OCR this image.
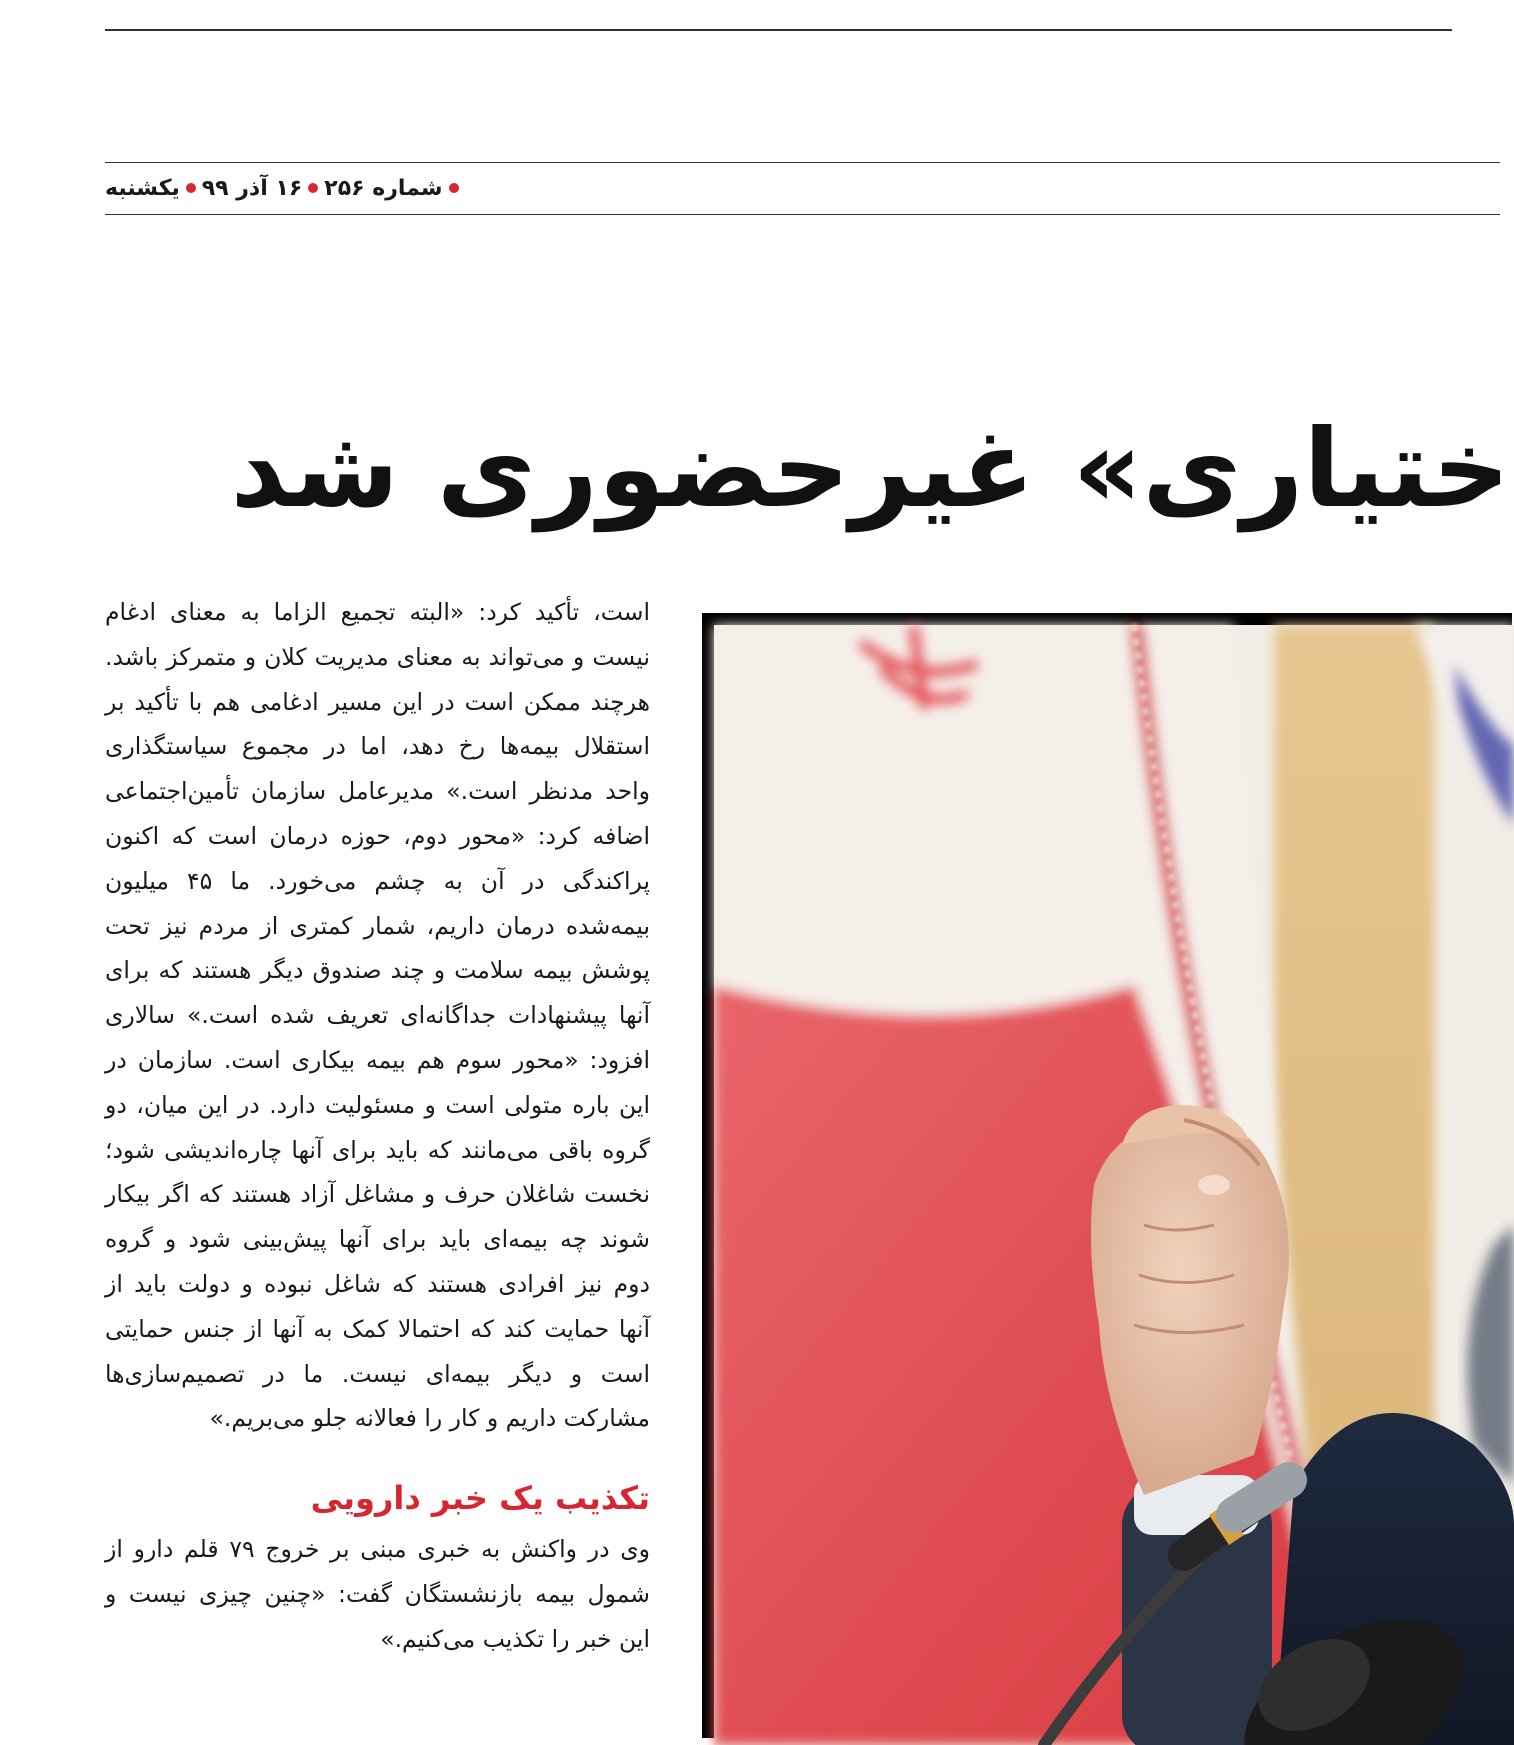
یکشنبه ۱۶ آذر ۹۹ شماره ۲۵۶
ختیاری» غیرحضوری شد

است، تأکید کرد: «البته تجمیع الزاما به معنای ادغام نیست و می‌تواند به معنای مدیریت کلان و متمرکز باشد. هرچند ممکن است در این مسیر ادغامی هم با تأکید بر استقلال بیمه‌ها رخ دهد، اما در مجموع سیاستگذاری واحد مدنظر است.» مدیرعامل سازمان تأمین‌اجتماعی اضافه کرد: «محور دوم، حوزه درمان است که اکنون پراکندگی در آن به چشم می‌خورد. ما ۴۵ میلیون بیمه‌شده درمان داریم، شمار کمتری از مردم نیز تحت پوشش بیمه سلامت و چند صندوق دیگر هستند که برای آنها پیشنهادات جداگانه‌ای تعریف شده است.» سالاری افزود: «محور سوم هم بیمه بیکاری است. سازمان در این باره متولی است و مسئولیت دارد. در این میان، دو گروه باقی می‌مانند که باید برای آنها چاره‌اندیشی شود؛ نخست شاغلان حرف و مشاغل آزاد هستند که اگر بیکار شوند چه بیمه‌ای باید برای آنها پیش‌بینی شود و گروه دوم نیز افرادی هستند که شاغل نبوده و دولت باید از آنها حمایت کند که احتمالا کمک به آنها از جنس حمایتی است و دیگر بیمه‌ای نیست. ما در تصمیم‌سازی‌ها مشارکت داریم و کار را فعالانه جلو می‌بریم.»

تکذیب یک خبر دارویی

وی در واکنش به خبری مبنی بر خروج ۷۹ قلم دارو از شمول بیمه بازنشستگان گفت: «چنین چیزی نیست و این خبر را تکذیب می‌کنیم.»
